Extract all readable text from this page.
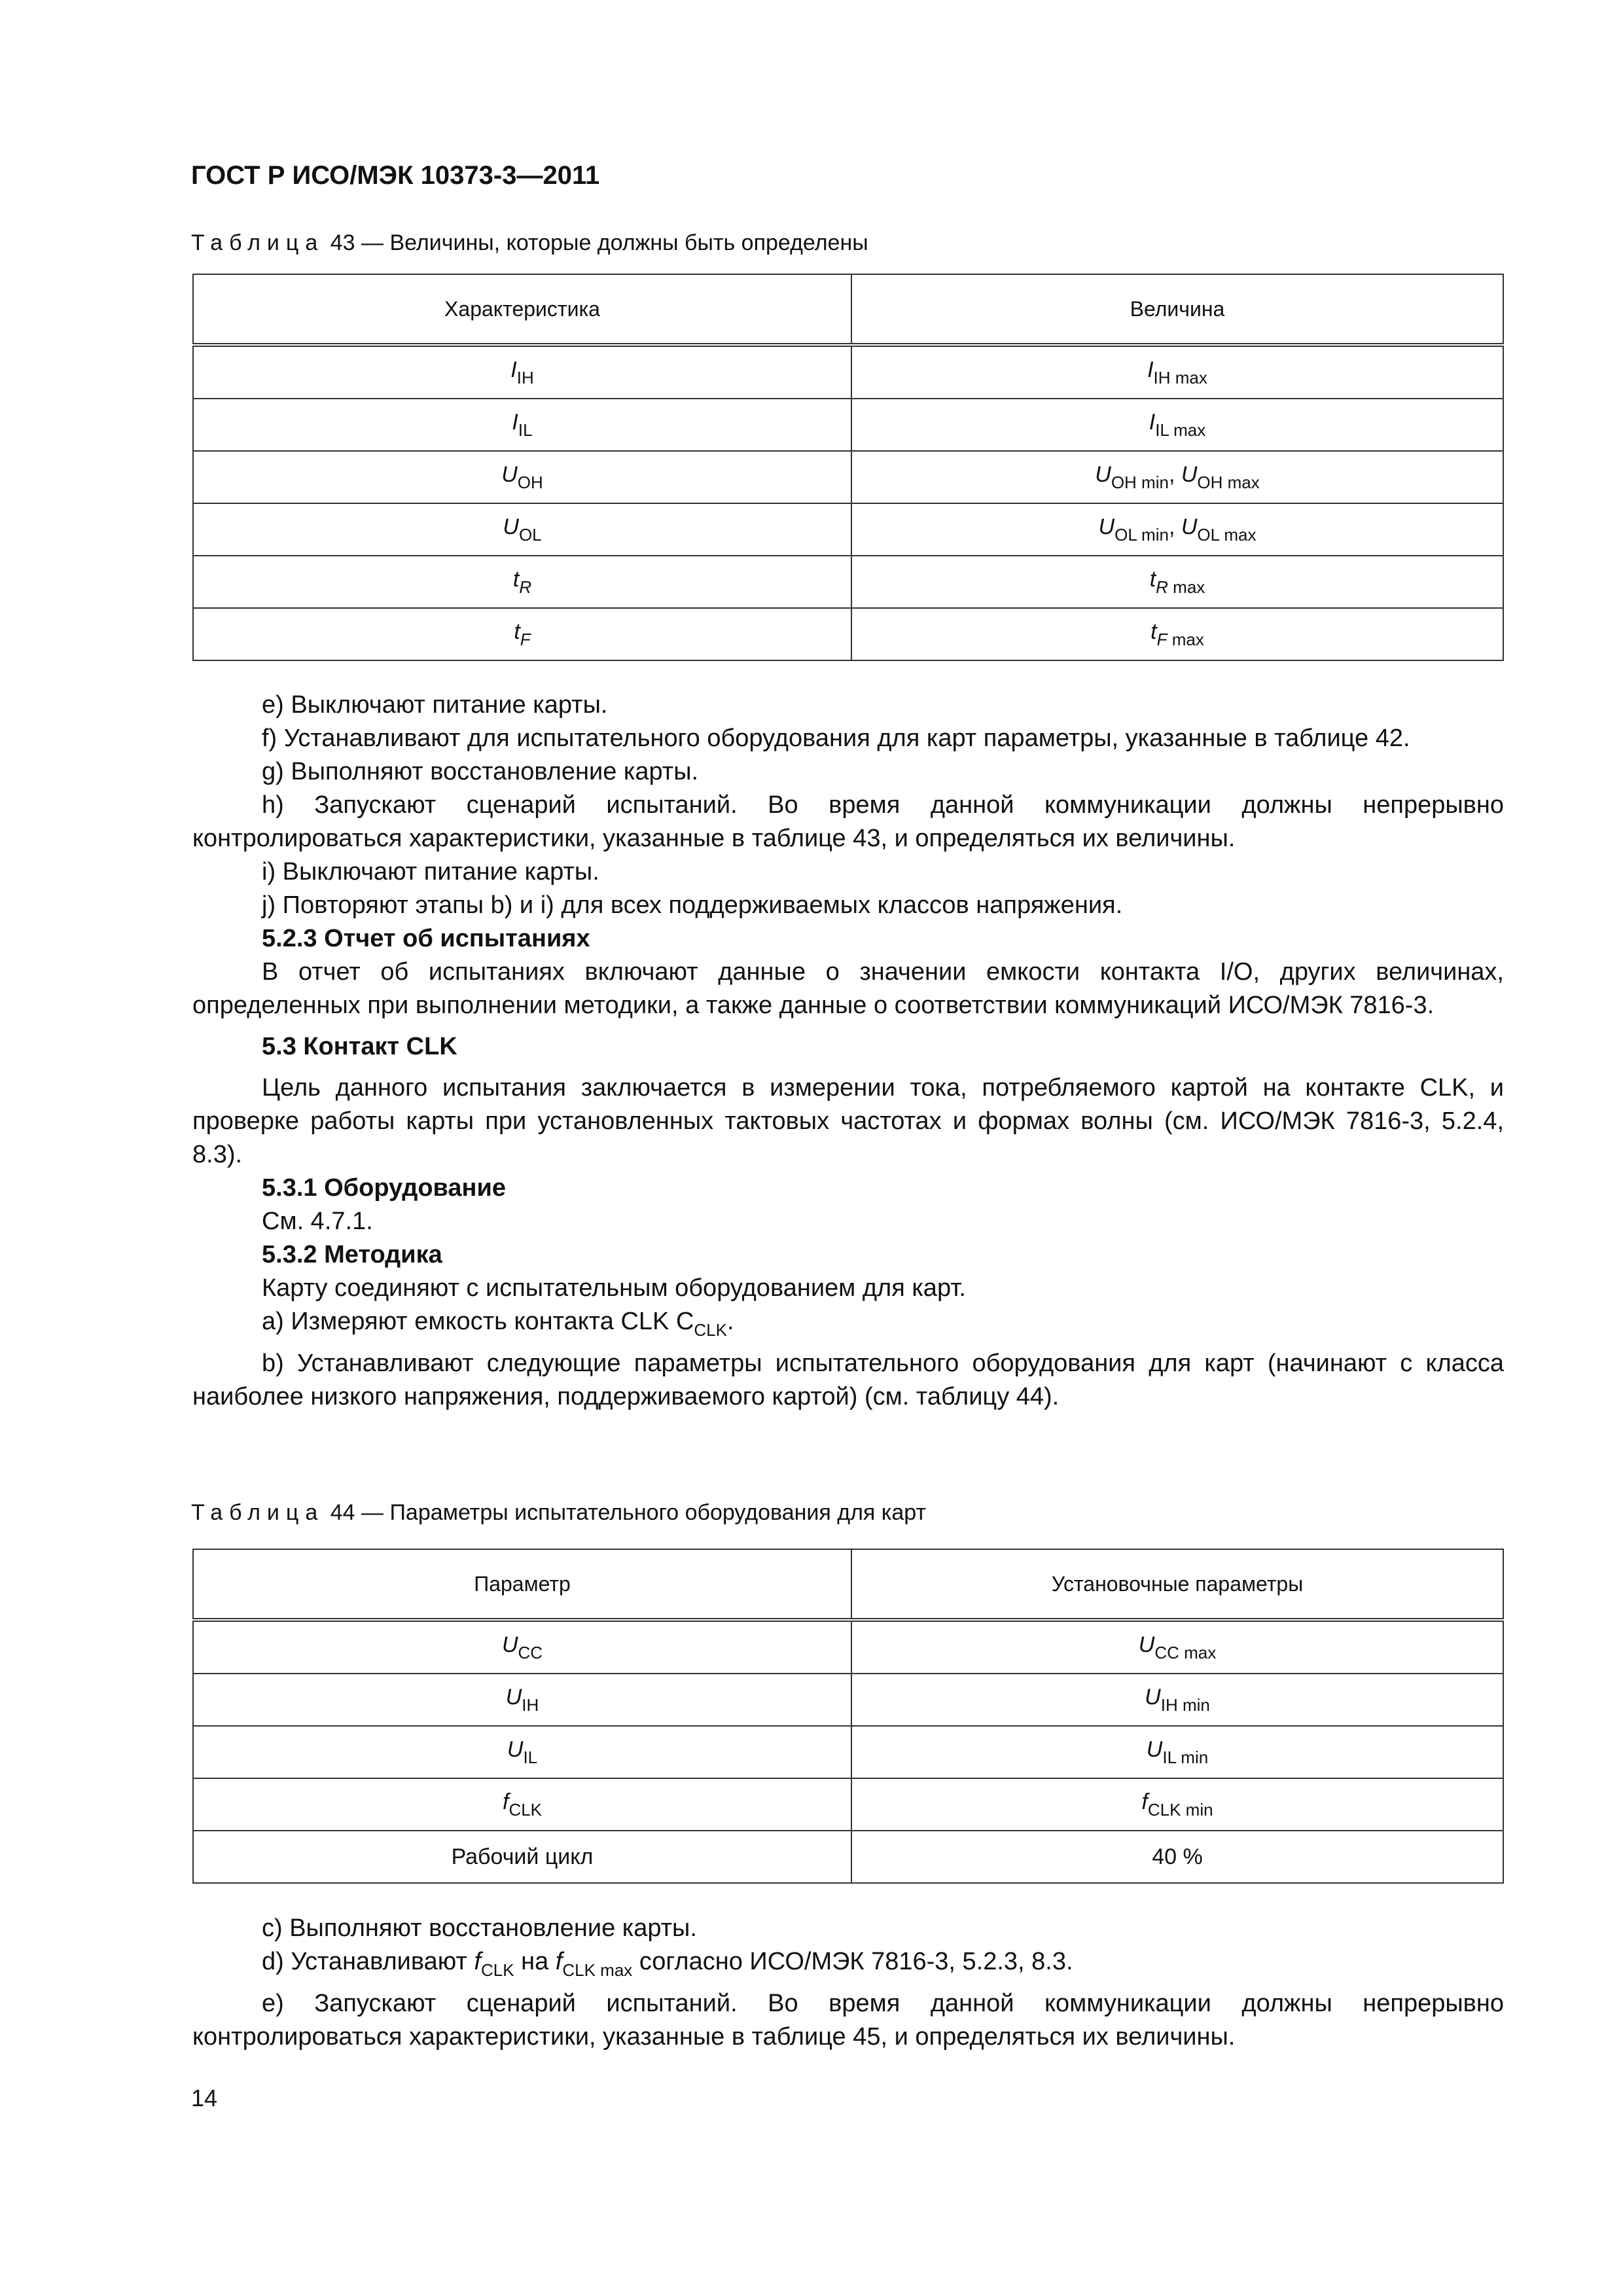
ГОСТ Р ИСО/МЭК 10373-3—2011
Таблица 43 — Величины, которые должны быть определены
Характеристика	Величина
$I_{IH}$	$I_{IH max}$
$I_{IL}$	$I_{IL max}$
$U_{OH}$	$U_{OH min}$, $U_{OH max}$
$U_{OL}$	$U_{OL min}$, $U_{OL max}$
$t_R$	$t_{R max}$
$t_F$	$t_{F max}$
е) Выключают питание карты.
f) Устанавливают для испытательного оборудования для карт параметры, указанные в таблице 42.
g) Выполняют восстановление карты.
h) Запускают сценарий испытаний. Во время данной коммуникации должны непрерывно контролироваться характеристики, указанные в таблице 43, и определяться их величины.
i) Выключают питание карты.
j) Повторяют этапы b) и i) для всех поддерживаемых классов напряжения.
5.2.3 Отчет об испытаниях
В отчет об испытаниях включают данные о значении емкости контакта I/O, других величинах, определенных при выполнении методики, а также данные о соответствии коммуникаций ИСО/МЭК 7816-3.
5.3 Контакт CLK
Цель данного испытания заключается в измерении тока, потребляемого картой на контакте CLK, и проверке работы карты при установленных тактовых частотах и формах волны (см. ИСО/МЭК 7816-3, 5.2.4, 8.3).
5.3.1 Оборудование
См. 4.7.1.
5.3.2 Методика
Карту соединяют с испытательным оборудованием для карт.
a) Измеряют емкость контакта CLK $C_{CLK}$.
b) Устанавливают следующие параметры испытательного оборудования для карт (начинают с класса наиболее низкого напряжения, поддерживаемого картой) (см. таблицу 44).
Таблица 44 — Параметры испытательного оборудования для карт
Параметр	Установочные параметры
$U_{CC}$	$U_{CC max}$
$U_{IH}$	$U_{IH min}$
$U_{IL}$	$U_{IL min}$
$f_{CLK}$	$f_{CLK min}$
Рабочий цикл	40 %
c) Выполняют восстановление карты.
d) Устанавливают $f_{CLK}$ на $f_{CLK max}$ согласно ИСО/МЭК 7816-3, 5.2.3, 8.3.
e) Запускают сценарий испытаний. Во время данной коммуникации должны непрерывно контролироваться характеристики, указанные в таблице 45, и определяться их величины.
14
